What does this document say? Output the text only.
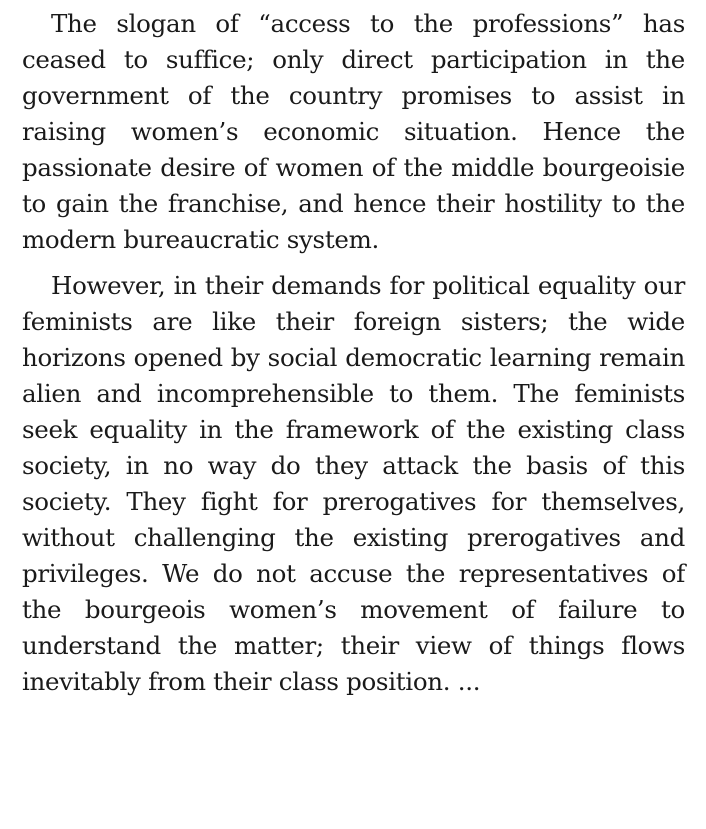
The slogan of “access to the professions” has ceased to suffice; only direct participation in the government of the country promises to assist in raising women’s economic situation. Hence the passionate desire of women of the middle bourgeoisie to gain the franchise, and hence their hostility to the modern bureaucratic system.

However, in their demands for political equality our feminists are like their foreign sisters; the wide horizons opened by social democratic learning remain alien and incomprehensible to them. The feminists seek equality in the framework of the existing class society, in no way do they attack the basis of this society. They fight for prerogatives for themselves, without challenging the existing prerogatives and privileges. We do not accuse the representatives of the bourgeois women’s movement of failure to understand the matter; their view of things flows inevitably from their class position. ...
